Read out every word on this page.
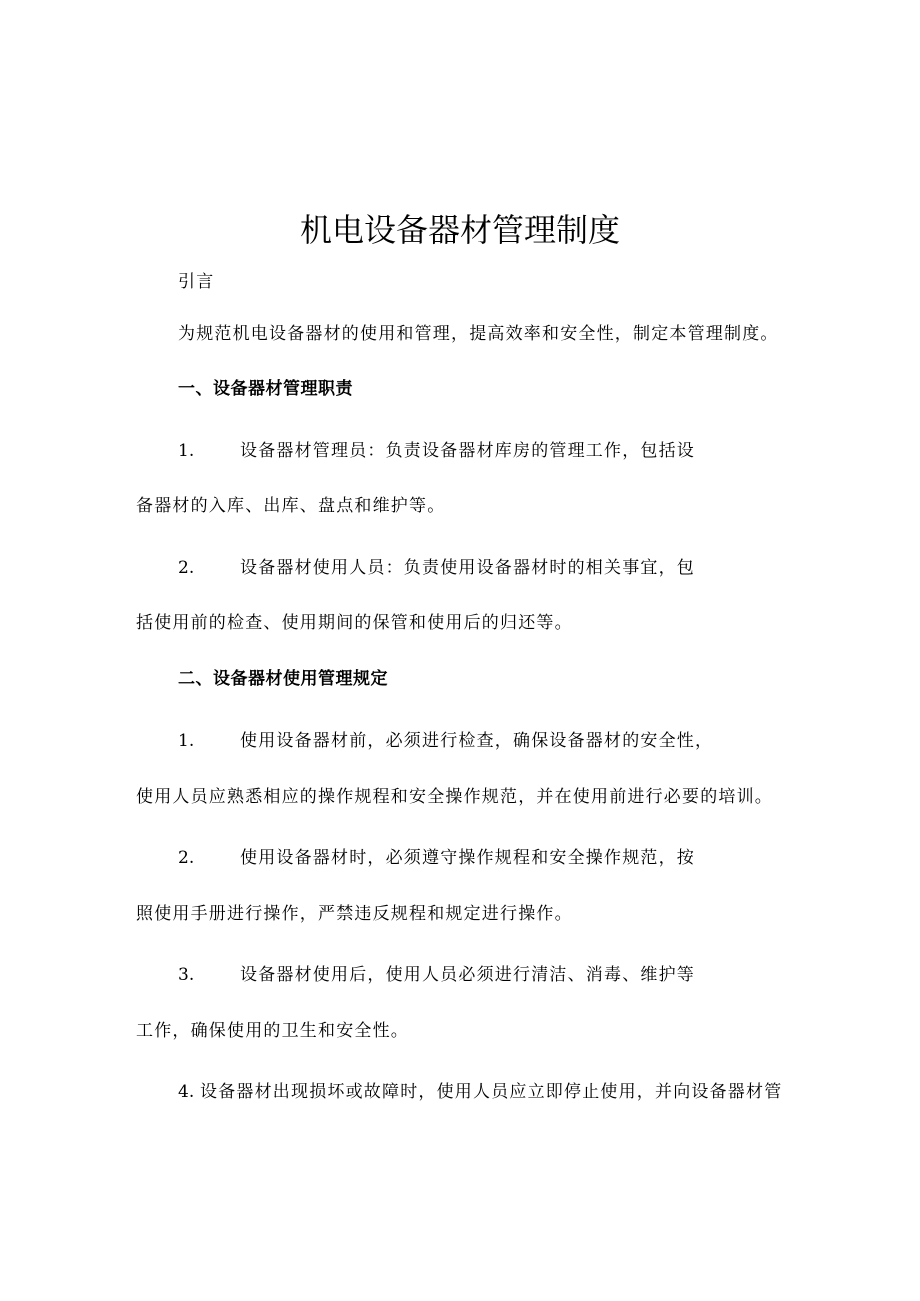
机电设备器材管理制度
引言
为规范机电设备器材的使用和管理，提高效率和安全性，制定本管理制度。
一、设备器材管理职责
1.	设备器材管理员：负责设备器材库房的管理工作，包括设
备器材的入库、出库、盘点和维护等。
2.	设备器材使用人员：负责使用设备器材时的相关事宜，包
括使用前的检查、使用期间的保管和使用后的归还等。
二、设备器材使用管理规定
1.	使用设备器材前，必须进行检查，确保设备器材的安全性，
使用人员应熟悉相应的操作规程和安全操作规范，并在使用前进行必要的培训。
2.	使用设备器材时，必须遵守操作规程和安全操作规范，按
照使用手册进行操作，严禁违反规程和规定进行操作。
3.	设备器材使用后，使用人员必须进行清洁、消毒、维护等
工作，确保使用的卫生和安全性。
4. 设备器材出现损坏或故障时，使用人员应立即停止使用，并向设备器材管
